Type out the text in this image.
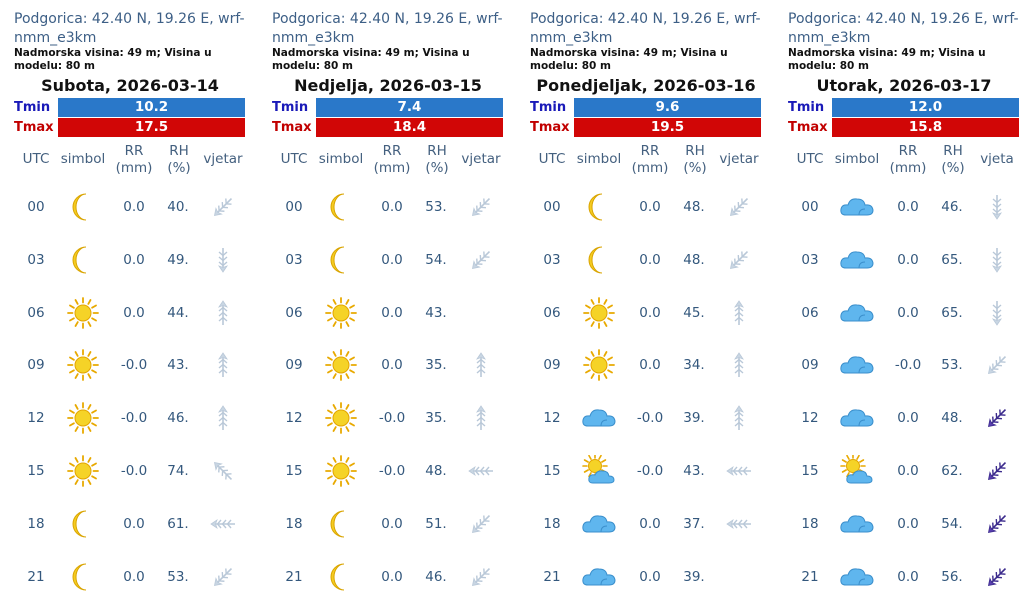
Podgorica: 42.40 N, 19.26 E, wrf-nmm_e3km
Nadmorska visina: 49 m; Visina u modelu: 80 m
Subota, 2026-03-14
Tmin	10.2
Tmax	17.5
UTC simbol	RR
(mm)
RH
(%)
vjetar
00	0.0	40.
03	0.0	49.
06	0.0	44.
09	-0.0	43.
12	-0.0	46.
15	-0.0	74.
18	0.0	61.
21	0.0	53.
Podgorica: 42.40 N, 19.26 E, wrf-nmm_e3km
Nadmorska visina: 49 m; Visina u modelu: 80 m
Nedjelja, 2026-03-15
Tmin	7.4
Tmax	18.4
UTC simbol	RR
(mm)
RH
(%)
vjetar
00	0.0	53.
03	0.0	54.
06	0.0	43.
09	0.0	35.
12	-0.0	35.
15	-0.0	48.
18	0.0	51.
21	0.0	46.
Podgorica: 42.40 N, 19.26 E, wrf-nmm_e3km
Nadmorska visina: 49 m; Visina u modelu: 80 m
Ponedjeljak, 2026-03-16
Tmin	9.6
Tmax	19.5
UTC simbol	RR
(mm)
RH
(%)
vjetar
00	0.0	48.
03	0.0	48.
06	0.0	45.
09	0.0	34.
12	-0.0	39.
15	-0.0	43.
18	0.0	37.
21	0.0	39.
Podgorica: 42.40 N, 19.26 E, wrf-nmm_e3km
Nadmorska visina: 49 m; Visina u modelu: 80 m
Utorak, 2026-03-17
Tmin	12.0
Tmax	15.8
UTC simbol	RR
(mm)
RH
(%)
vjeta
00	0.0	46.
03	0.0	65.
06	0.0	65.
09	-0.0	53.
12	0.0	48.
15	0.0	62.
18	0.0	54.
21	0.0	56.
